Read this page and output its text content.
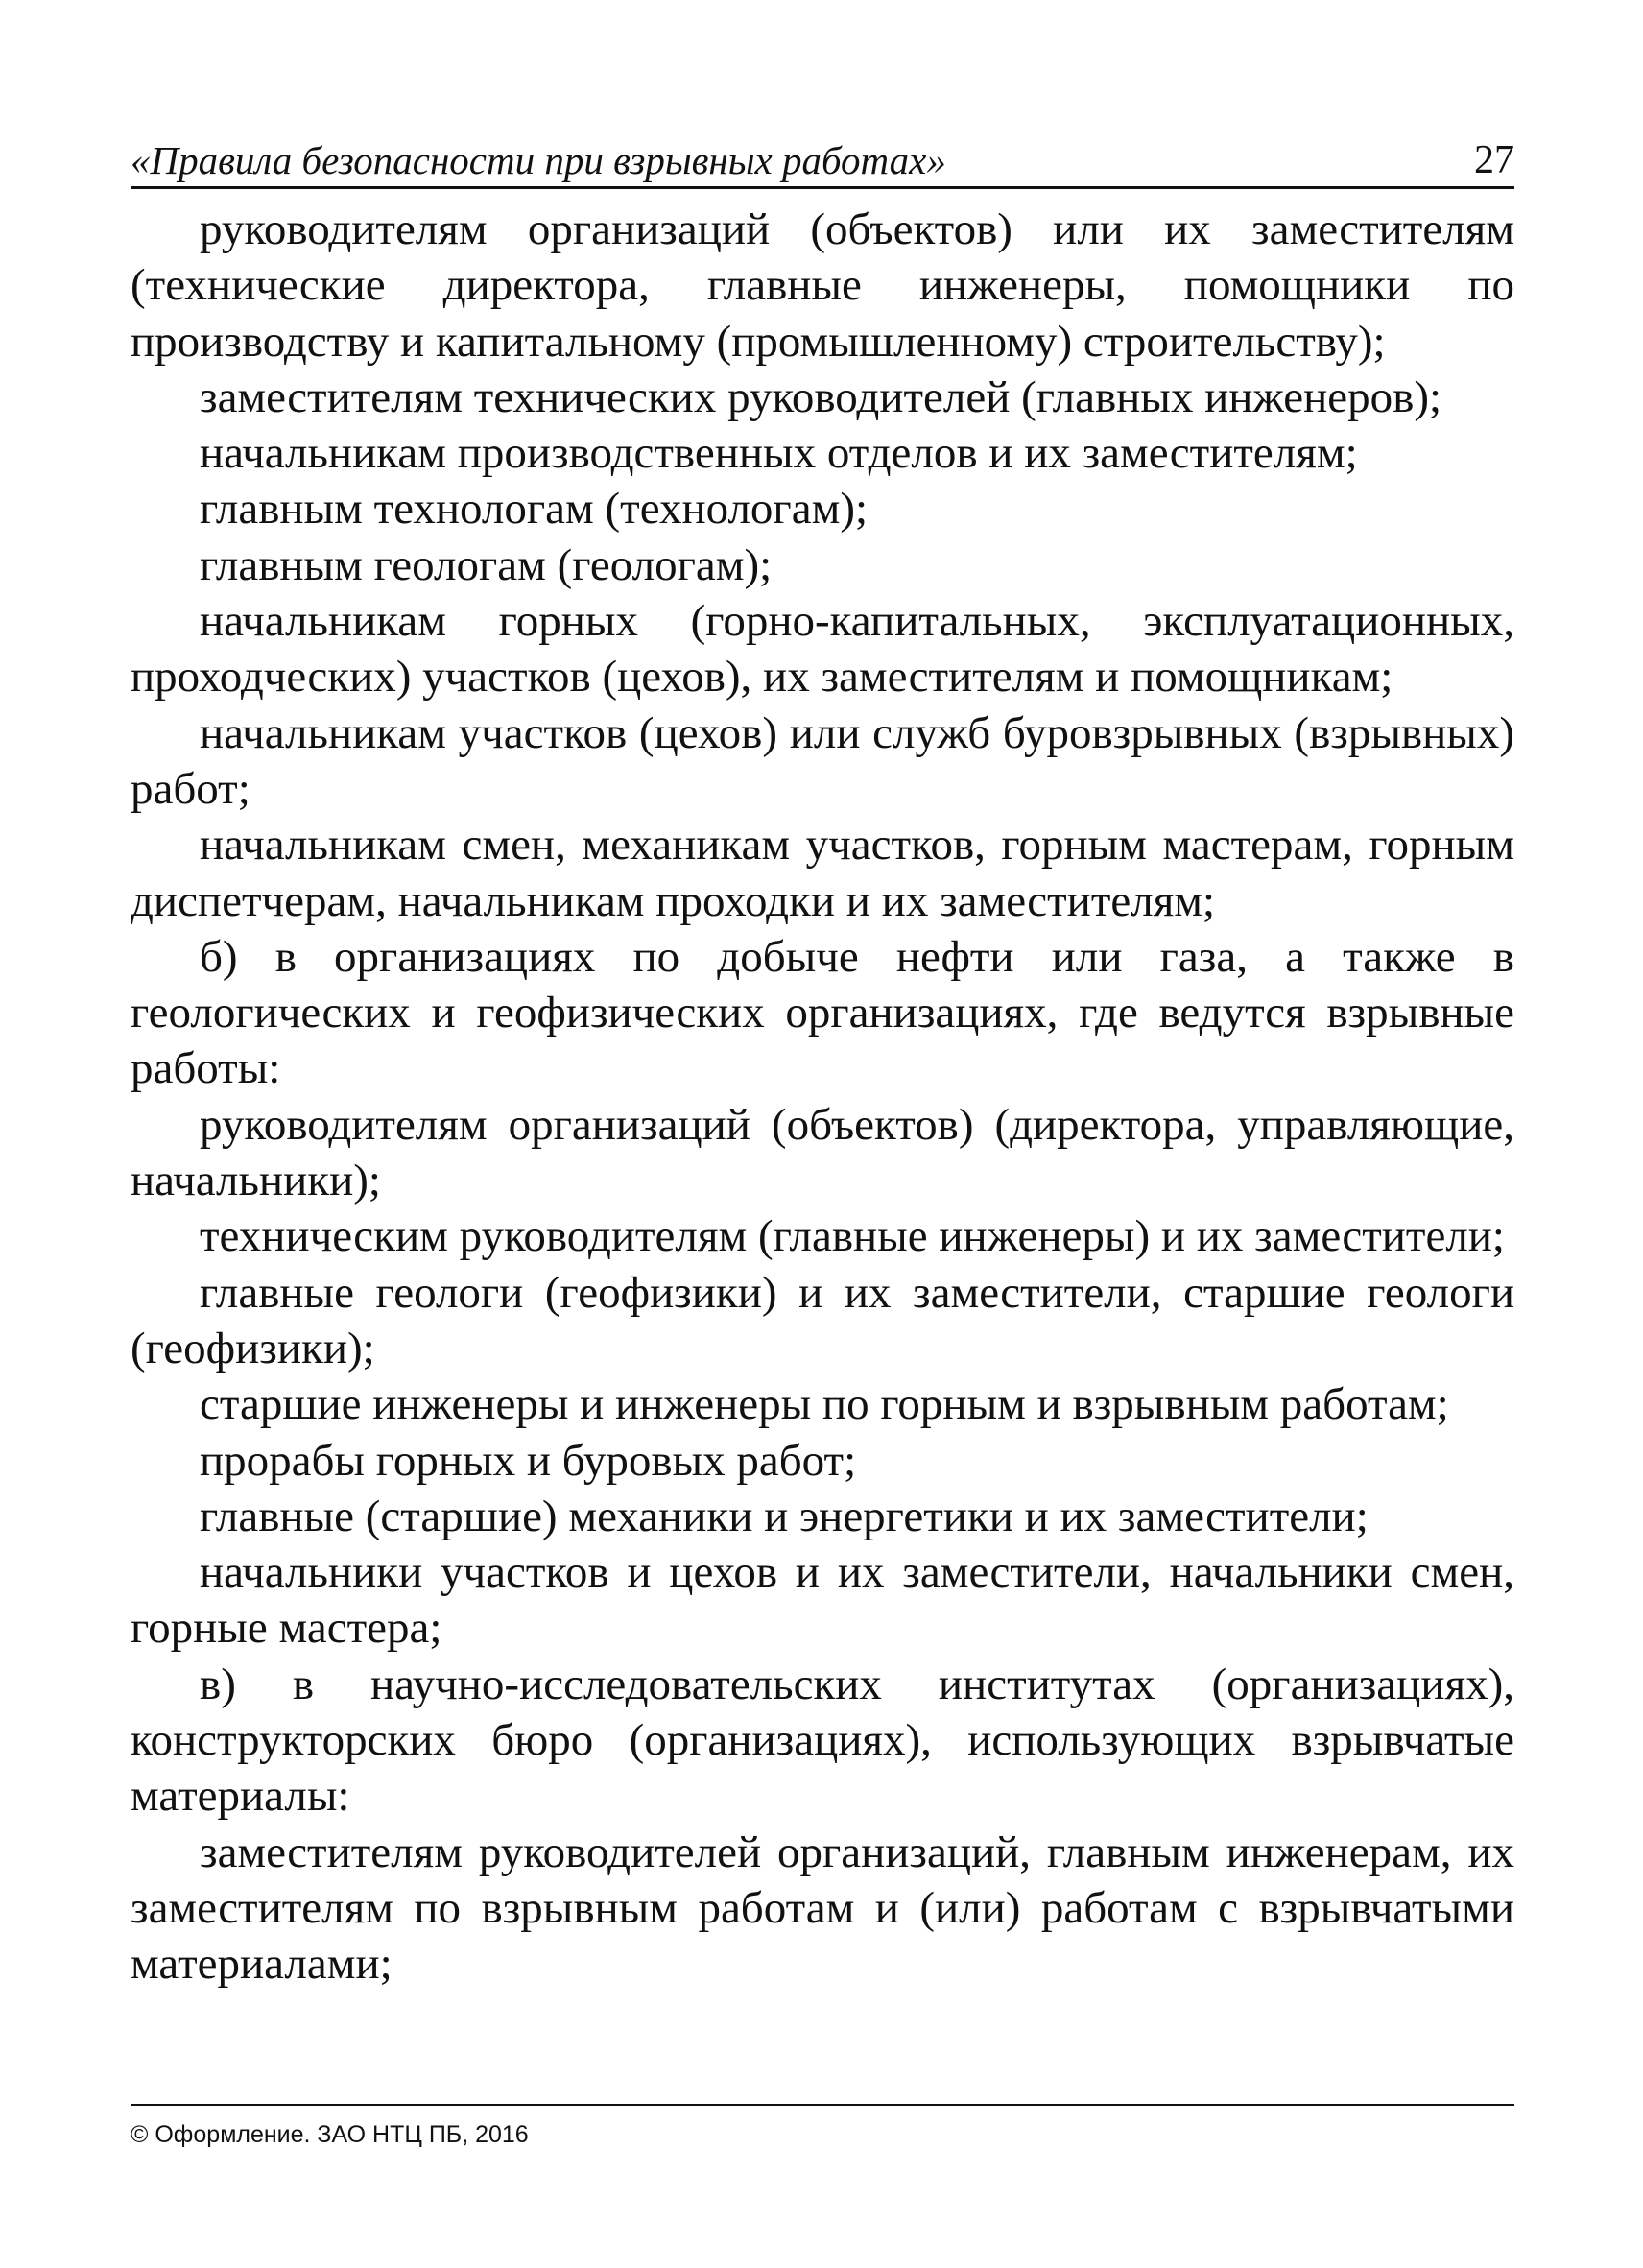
«Правила безопасности при взрывных работах»	27

руководителям организаций (объектов) или их заместителям (технические директора, главные инженеры, помощники по производству и капитальному (промышленному) строительству);

заместителям технических руководителей (главных инженеров);

начальникам производственных отделов и их заместителям;

главным технологам (технологам);

главным геологам (геологам);

начальникам горных (горно-капитальных, эксплуатационных, проходческих) участков (цехов), их заместителям и помощникам;

начальникам участков (цехов) или служб буровзрывных (взрывных) работ;

начальникам смен, механикам участков, горным мастерам, горным диспетчерам, начальникам проходки и их заместителям;

б) в организациях по добыче нефти или газа, а также в геологических и геофизических организациях, где ведутся взрывные работы:

руководителям организаций (объектов) (директора, управляющие, начальники);

техническим руководителям (главные инженеры) и их заместители;

главные геологи (геофизики) и их заместители, старшие геологи (геофизики);

старшие инженеры и инженеры по горным и взрывным работам;

прорабы горных и буровых работ;

главные (старшие) механики и энергетики и их заместители;

начальники участков и цехов и их заместители, начальники смен, горные мастера;

в) в научно-исследовательских институтах (организациях), конструкторских бюро (организациях), использующих взрывчатые материалы:

заместителям руководителей организаций, главным инженерам, их заместителям по взрывным работам и (или) работам с взрывчатыми материалами;

© Оформление. ЗАО НТЦ ПБ, 2016
